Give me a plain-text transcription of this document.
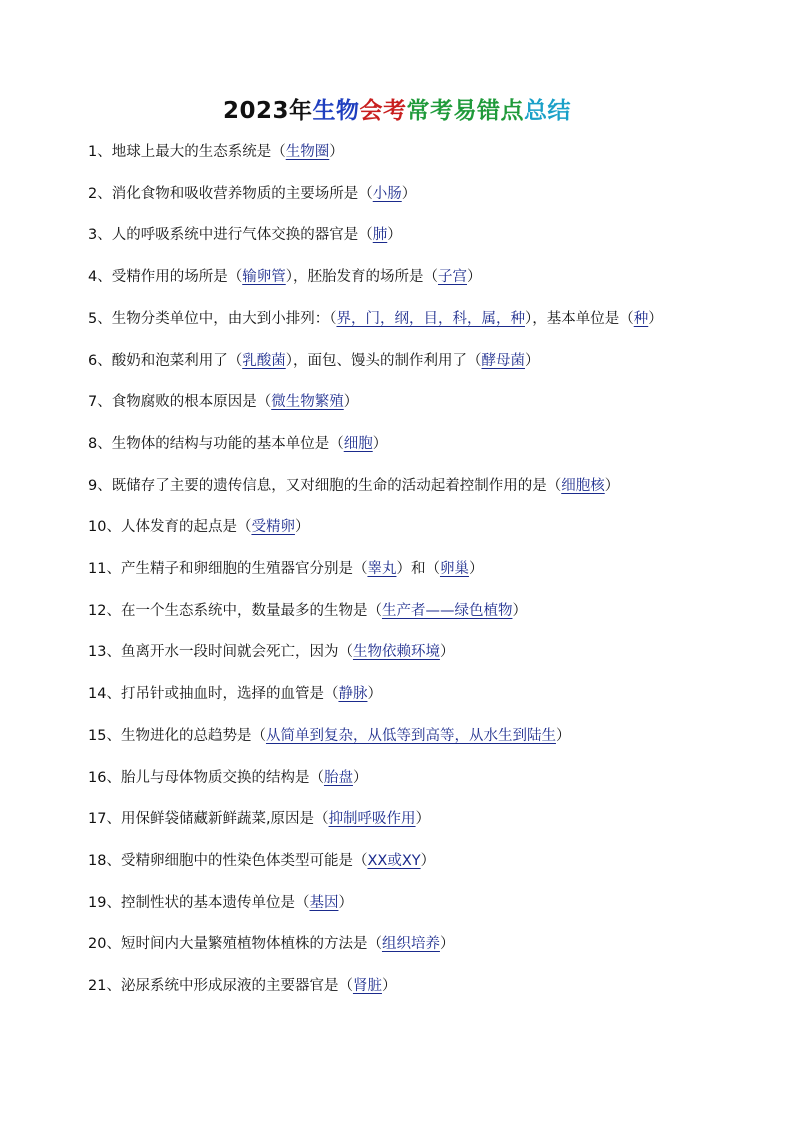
2023年生物会考常考易错点总结
1、地球上最大的生态系统是（生物圈）
2、消化食物和吸收营养物质的主要场所是（小肠）
3、人的呼吸系统中进行气体交换的器官是（肺）
4、受精作用的场所是（输卵管），胚胎发育的场所是（子宫）
5、生物分类单位中，由大到小排列：（界，门，纲，目，科，属，种），基本单位是（种）
6、酸奶和泡菜利用了（乳酸菌），面包、馒头的制作利用了（酵母菌）
7、食物腐败的根本原因是（微生物繁殖）
8、生物体的结构与功能的基本单位是（细胞）
9、既储存了主要的遗传信息，又对细胞的生命的活动起着控制作用的是（细胞核）
10、人体发育的起点是（受精卵）
11、产生精子和卵细胞的生殖器官分别是（睾丸）和（卵巢）
12、在一个生态系统中，数量最多的生物是（生产者——绿色植物）
13、鱼离开水一段时间就会死亡，因为（生物依赖环境）
14、打吊针或抽血时，选择的血管是（静脉）
15、生物进化的总趋势是（从简单到复杂，从低等到高等，从水生到陆生）
16、胎儿与母体物质交换的结构是（胎盘）
17、用保鲜袋储藏新鲜蔬菜,原因是（抑制呼吸作用）
18、受精卵细胞中的性染色体类型可能是（XX或XY）
19、控制性状的基本遗传单位是（基因）
20、短时间内大量繁殖植物体植株的方法是（组织培养）
21、泌尿系统中形成尿液的主要器官是（肾脏）
